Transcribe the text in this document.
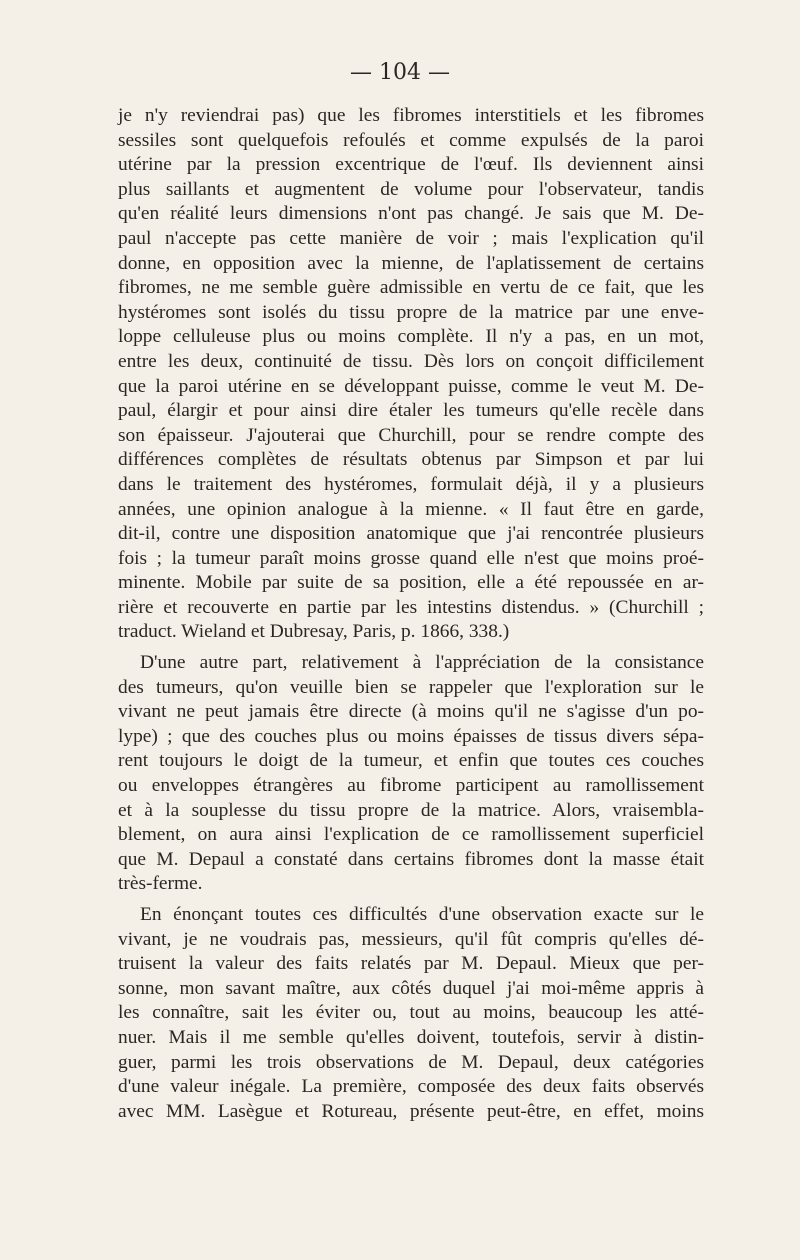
— 104 —
je n'y reviendrai pas) que les fibromes interstitiels et les fibromes
sessiles sont quelquefois refoulés et comme expulsés de la paroi
utérine par la pression excentrique de l'œuf. Ils deviennent ainsi
plus saillants et augmentent de volume pour l'observateur, tandis
qu'en réalité leurs dimensions n'ont pas changé. Je sais que M. De-
paul n'accepte pas cette manière de voir ; mais l'explication qu'il
donne, en opposition avec la mienne, de l'aplatissement de certains
fibromes, ne me semble guère admissible en vertu de ce fait, que les
hystéromes sont isolés du tissu propre de la matrice par une enve-
loppe celluleuse plus ou moins complète. Il n'y a pas, en un mot,
entre les deux, continuité de tissu. Dès lors on conçoit difficilement
que la paroi utérine en se développant puisse, comme le veut M. De-
paul, élargir et pour ainsi dire étaler les tumeurs qu'elle recèle dans
son épaisseur. J'ajouterai que Churchill, pour se rendre compte des
différences complètes de résultats obtenus par Simpson et par lui
dans le traitement des hystéromes, formulait déjà, il y a plusieurs
années, une opinion analogue à la mienne. « Il faut être en garde,
dit-il, contre une disposition anatomique que j'ai rencontrée plusieurs
fois ; la tumeur paraît moins grosse quand elle n'est que moins proé-
minente. Mobile par suite de sa position, elle a été repoussée en ar-
rière et recouverte en partie par les intestins distendus. » (Churchill ;
traduct. Wieland et Dubresay, Paris, p. 1866, 338.)
D'une autre part, relativement à l'appréciation de la consistance
des tumeurs, qu'on veuille bien se rappeler que l'exploration sur le
vivant ne peut jamais être directe (à moins qu'il ne s'agisse d'un po-
lype) ; que des couches plus ou moins épaisses de tissus divers sépa-
rent toujours le doigt de la tumeur, et enfin que toutes ces couches
ou enveloppes étrangères au fibrome participent au ramollissement
et à la souplesse du tissu propre de la matrice. Alors, vraisembla-
blement, on aura ainsi l'explication de ce ramollissement superficiel
que M. Depaul a constaté dans certains fibromes dont la masse était
très-ferme.
En énonçant toutes ces difficultés d'une observation exacte sur le
vivant, je ne voudrais pas, messieurs, qu'il fût compris qu'elles dé-
truisent la valeur des faits relatés par M. Depaul. Mieux que per-
sonne, mon savant maître, aux côtés duquel j'ai moi-même appris à
les connaître, sait les éviter ou, tout au moins, beaucoup les atté-
nuer. Mais il me semble qu'elles doivent, toutefois, servir à distin-
guer, parmi les trois observations de M. Depaul, deux catégories
d'une valeur inégale. La première, composée des deux faits observés
avec MM. Lasègue et Rotureau, présente peut-être, en effet, moins
